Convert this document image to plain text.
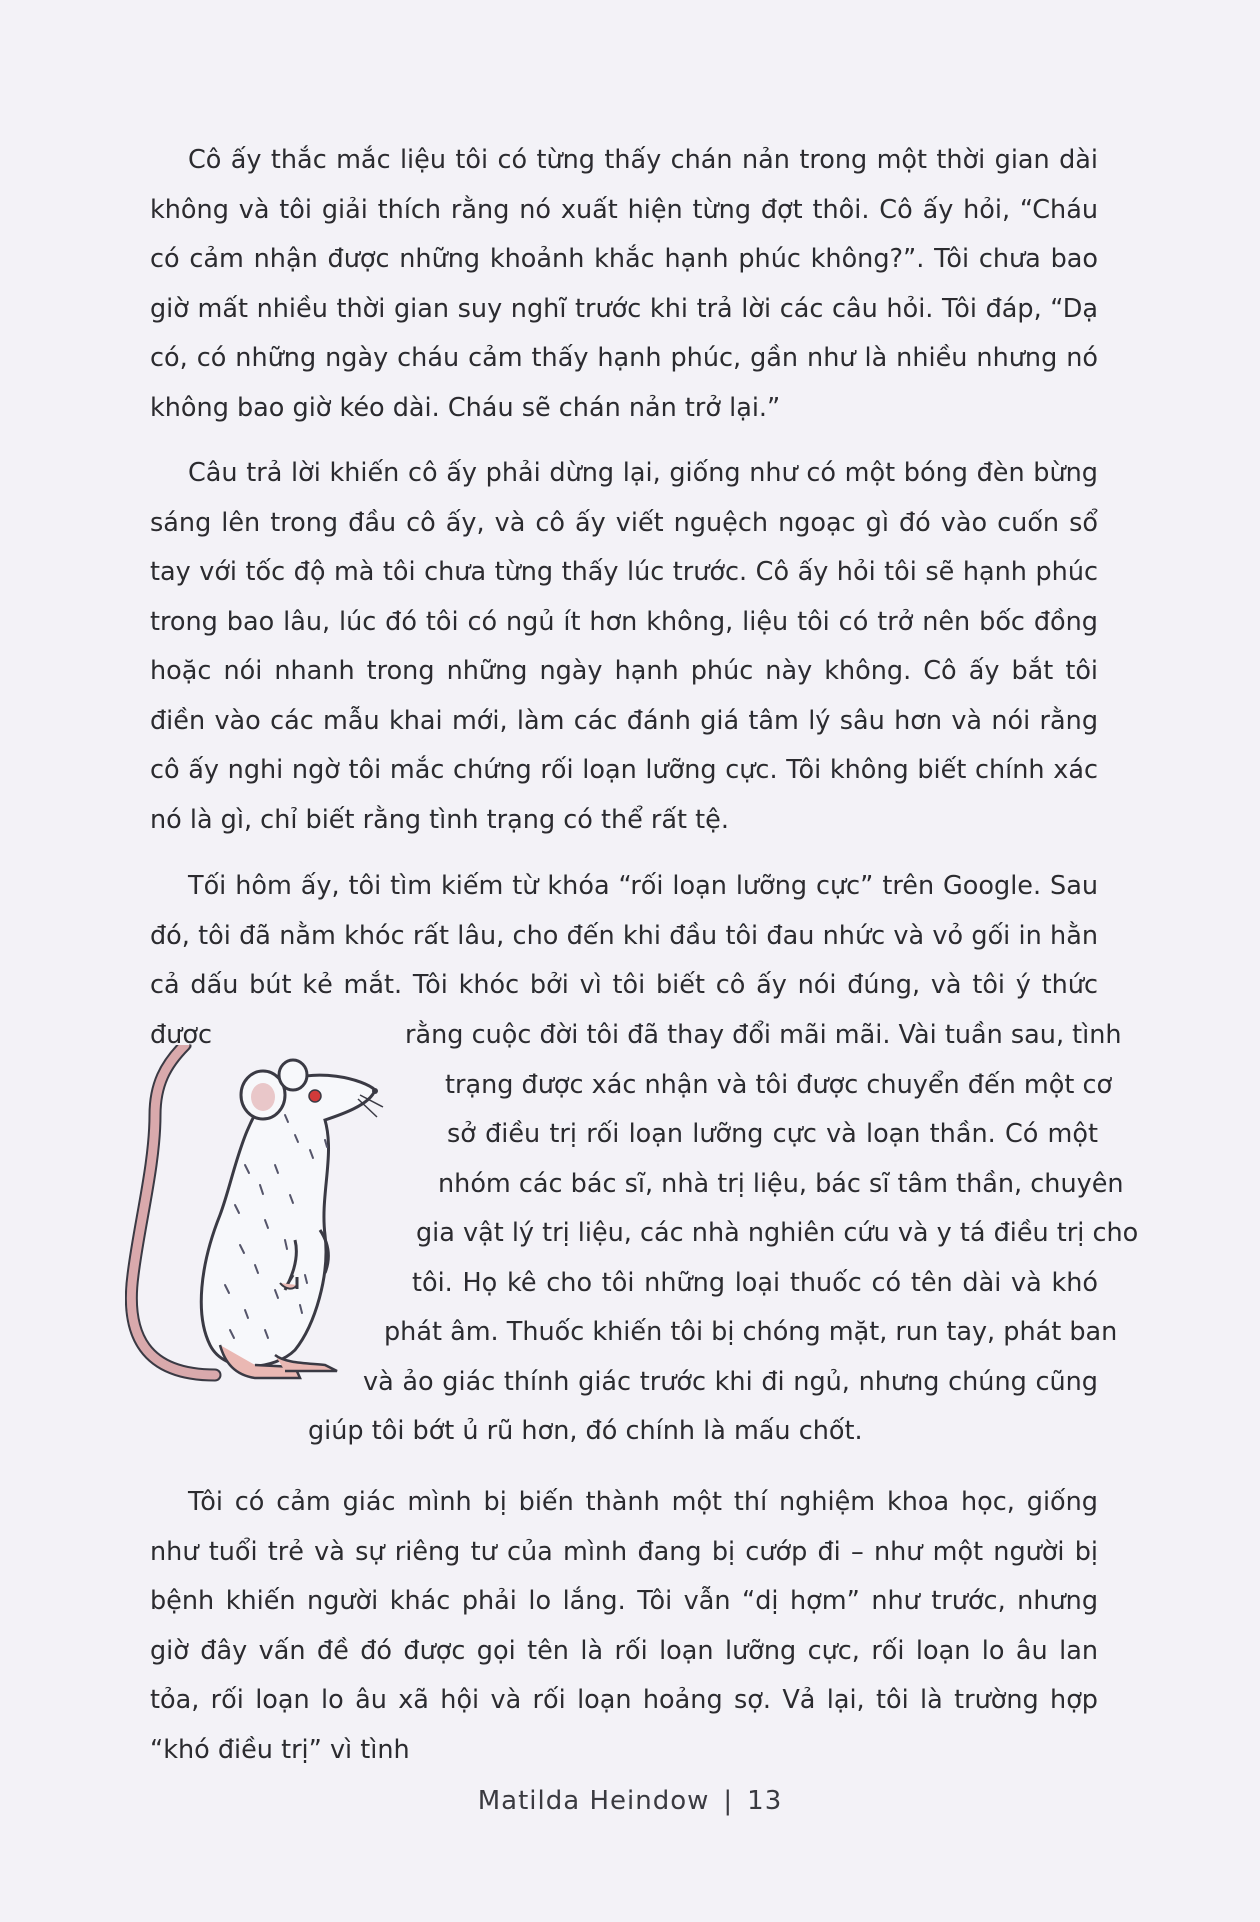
Cô ấy thắc mắc liệu tôi có từng thấy chán nản trong một thời gian dài không và tôi giải thích rằng nó xuất hiện từng đợt thôi. Cô ấy hỏi, “Cháu có cảm nhận được những khoảnh khắc hạnh phúc không?”. Tôi chưa bao giờ mất nhiều thời gian suy nghĩ trước khi trả lời các câu hỏi. Tôi đáp, “Dạ có, có những ngày cháu cảm thấy hạnh phúc, gần như là nhiều nhưng nó không bao giờ kéo dài. Cháu sẽ chán nản trở lại.”

Câu trả lời khiến cô ấy phải dừng lại, giống như có một bóng đèn bừng sáng lên trong đầu cô ấy, và cô ấy viết nguệch ngoạc gì đó vào cuốn sổ tay với tốc độ mà tôi chưa từng thấy lúc trước. Cô ấy hỏi tôi sẽ hạnh phúc trong bao lâu, lúc đó tôi có ngủ ít hơn không, liệu tôi có trở nên bốc đồng hoặc nói nhanh trong những ngày hạnh phúc này không. Cô ấy bắt tôi điền vào các mẫu khai mới, làm các đánh giá tâm lý sâu hơn và nói rằng cô ấy nghi ngờ tôi mắc chứng rối loạn lưỡng cực. Tôi không biết chính xác nó là gì, chỉ biết rằng tình trạng có thể rất tệ.

Tối hôm ấy, tôi tìm kiếm từ khóa “rối loạn lưỡng cực” trên Google. Sau đó, tôi đã nằm khóc rất lâu, cho đến khi đầu tôi đau nhức và vỏ gối in hằn cả dấu bút kẻ mắt. Tôi khóc bởi vì tôi biết cô ấy nói đúng, và tôi ý thức được	rằng cuộc đời tôi đã thay đổi mãi mãi. Vài tuần sau, tình
trạng được xác nhận và tôi được chuyển đến một cơ
sở điều trị rối loạn lưỡng cực và loạn thần. Có một
nhóm các bác sĩ, nhà trị liệu, bác sĩ tâm thần, chuyên
gia vật lý trị liệu, các nhà nghiên cứu và y tá điều trị cho
tôi. Họ kê cho tôi những loại thuốc có tên dài và khó
phát âm. Thuốc khiến tôi bị chóng mặt, run tay, phát ban
và ảo giác thính giác trước khi đi ngủ, nhưng chúng cũng
giúp tôi bớt ủ rũ hơn, đó chính là mấu chốt.

Tôi có cảm giác mình bị biến thành một thí nghiệm khoa học, giống như tuổi trẻ và sự riêng tư của mình đang bị cướp đi – như một người bị bệnh khiến người khác phải lo lắng. Tôi vẫn “dị hợm” như trước, nhưng giờ đây vấn đề đó được gọi tên là rối loạn lưỡng cực, rối loạn lo âu lan tỏa, rối loạn lo âu xã hội và rối loạn hoảng sợ. Vả lại, tôi là trường hợp “khó điều trị” vì tình

Matilda Heindow | 13
